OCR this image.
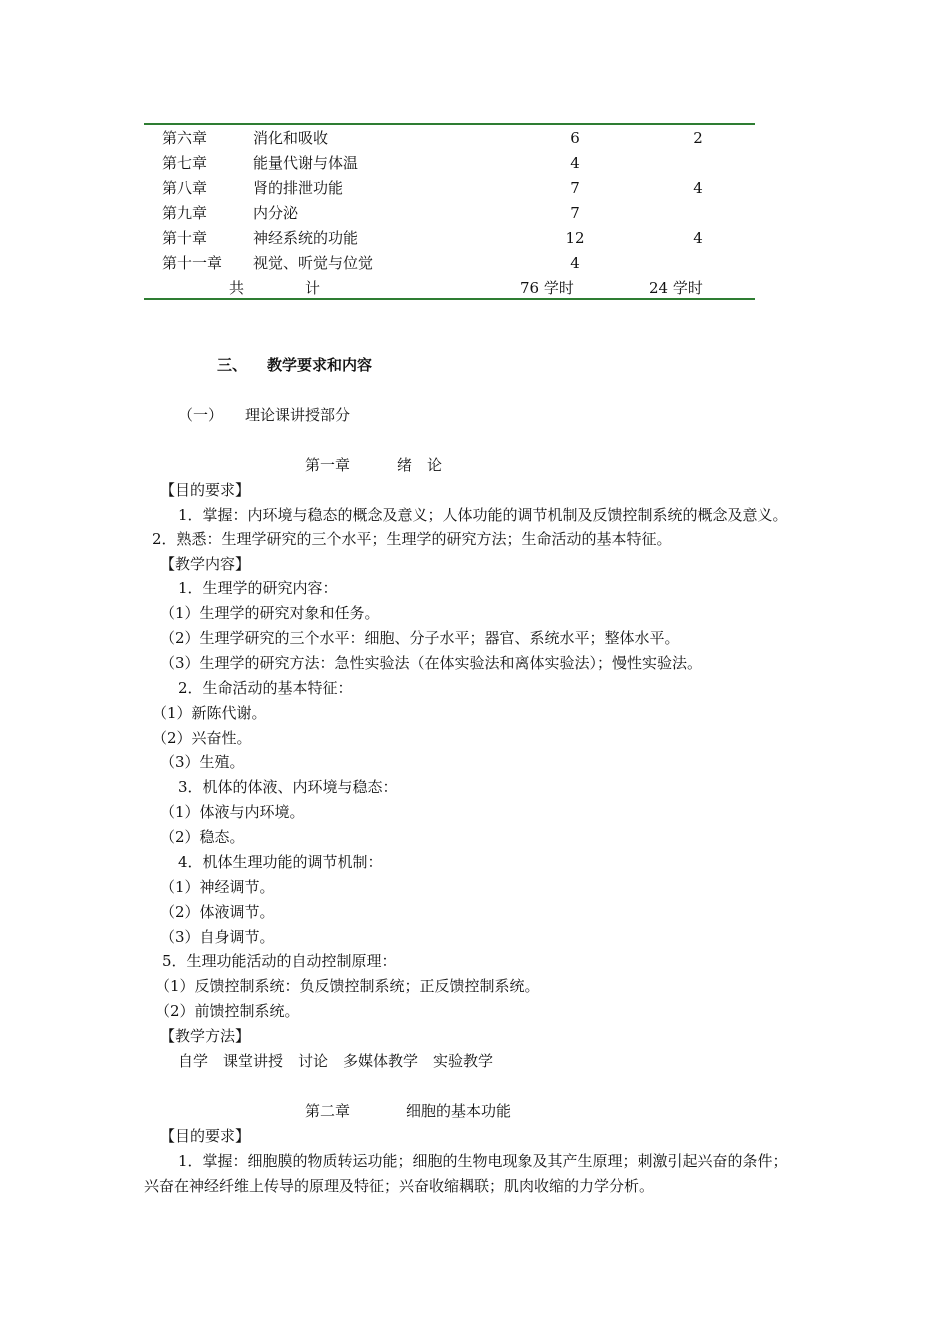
第六章	消化和吸收	6	2
第七章	能量代谢与体温	4
第八章	肾的排泄功能	7	4
第九章	内分泌	7
第十章	神经系统的功能	12	4
第十一章 视觉、听觉与位觉	4
共	计	76 学时	24 学时
三、 教学要求和内容
（一） 理论课讲授部分
第一章	绪　论
【目的要求】
1．掌握：内环境与稳态的概念及意义；人体功能的调节机制及反馈控制系统的概念及意义。
2．熟悉：生理学研究的三个水平；生理学的研究方法；生命活动的基本特征。
【教学内容】
1．生理学的研究内容：
（1）生理学的研究对象和任务。
（2）生理学研究的三个水平：细胞、分子水平；器官、系统水平；整体水平。
（3）生理学的研究方法：急性实验法（在体实验法和离体实验法）；慢性实验法。
2．生命活动的基本特征：
（1）新陈代谢。
（2）兴奋性。
（3）生殖。
3．机体的体液、内环境与稳态：
（1）体液与内环境。
（2）稳态。
4．机体生理功能的调节机制：
（1）神经调节。
（2）体液调节。
（3）自身调节。
5．生理功能活动的自动控制原理：
（1）反馈控制系统：负反馈控制系统；正反馈控制系统。
（2）前馈控制系统。
【教学方法】
自学　课堂讲授　讨论　多媒体教学　实验教学
第二章	细胞的基本功能
【目的要求】
1．掌握：细胞膜的物质转运功能；细胞的生物电现象及其产生原理；刺激引起兴奋的条件；
兴奋在神经纤维上传导的原理及特征；兴奋收缩耦联；肌肉收缩的力学分析。
